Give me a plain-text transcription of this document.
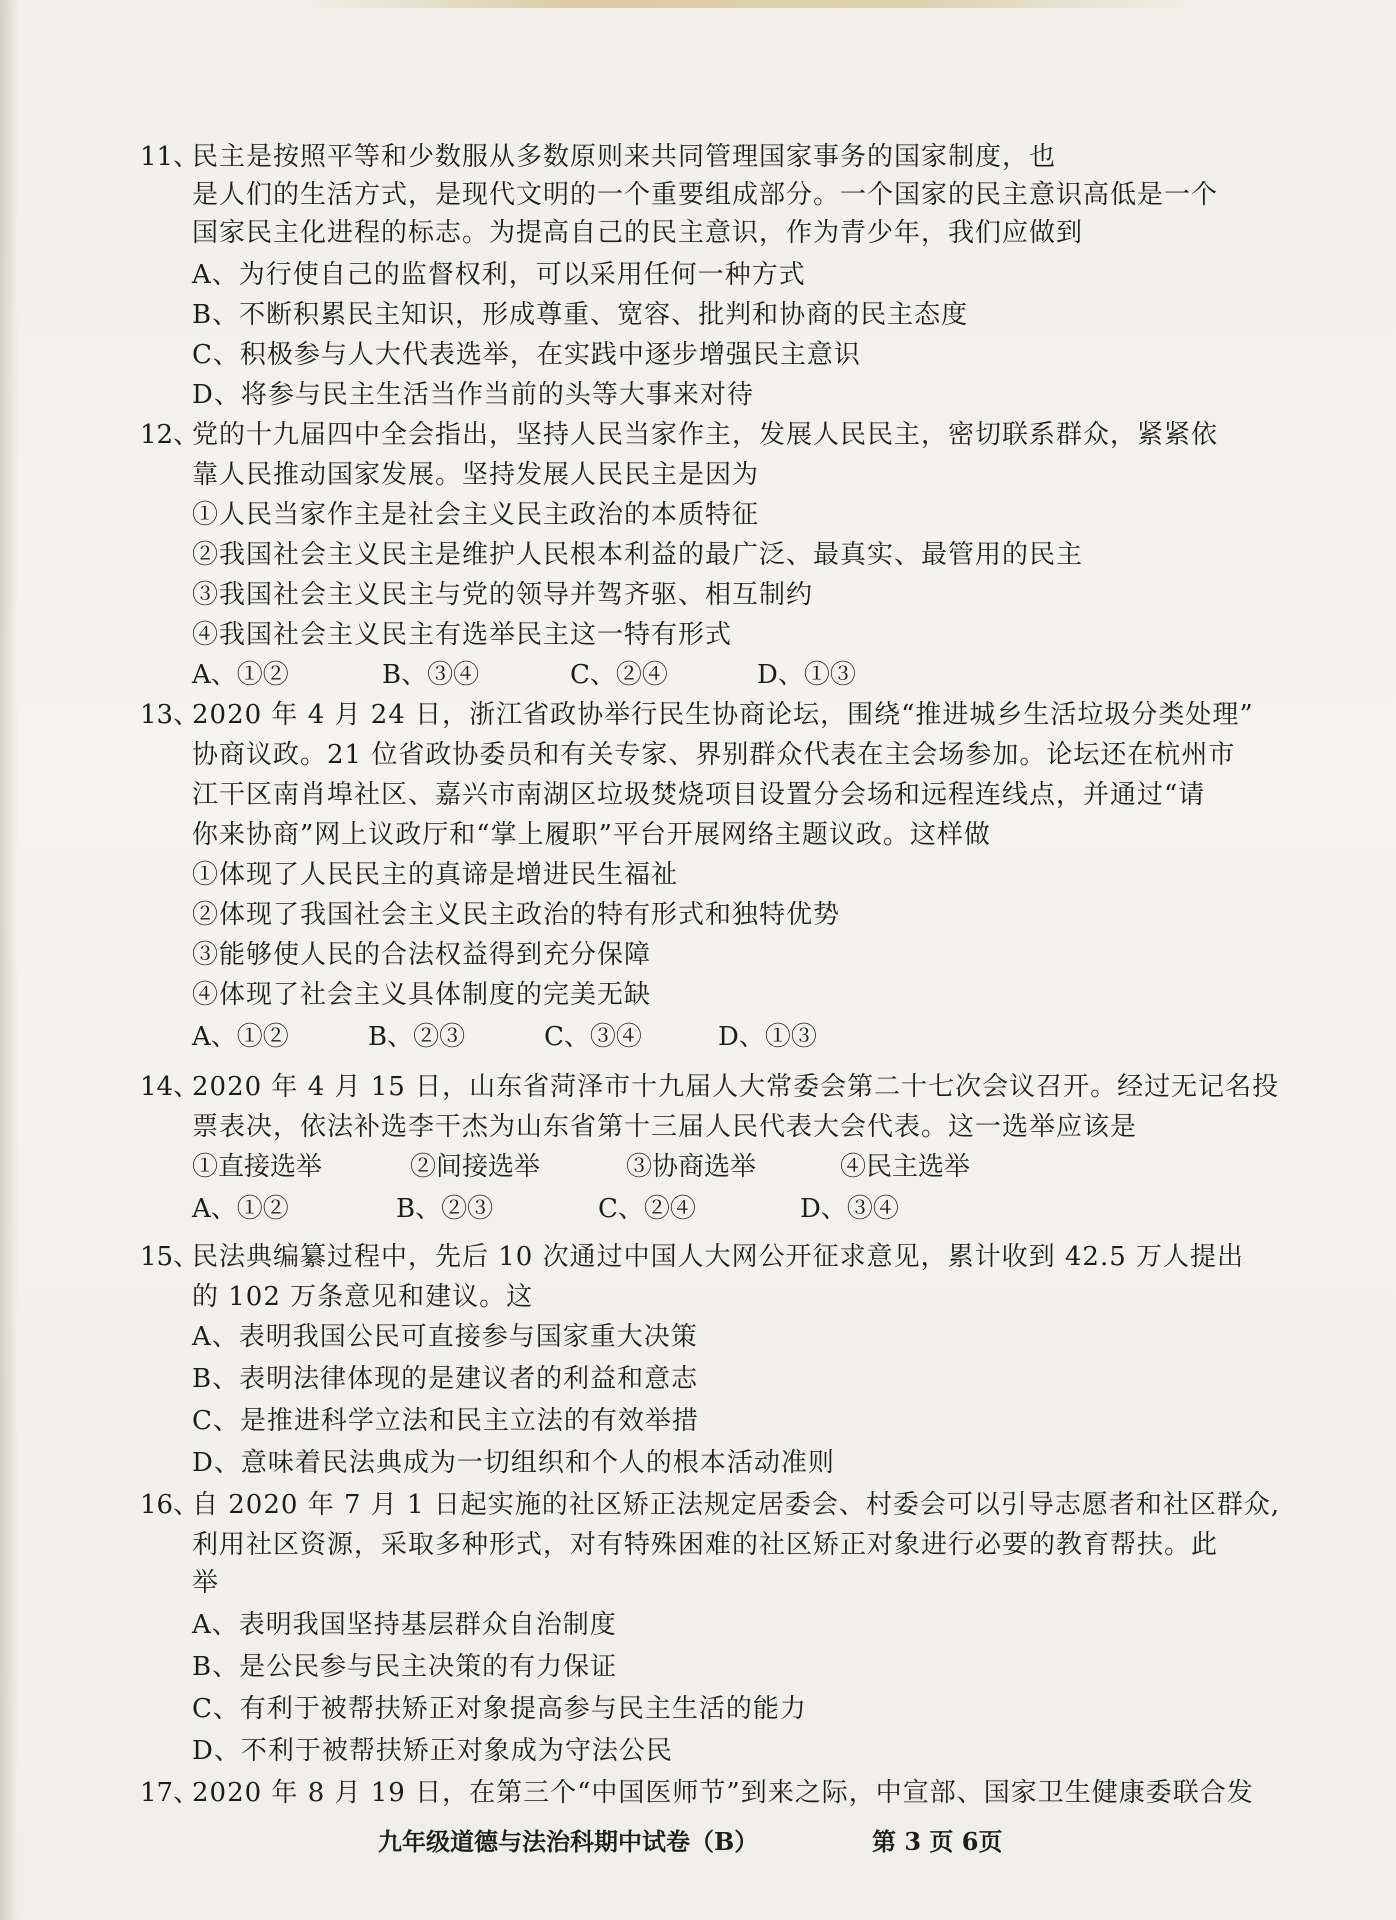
11、
民主是按照平等和少数服从多数原则来共同管理国家事务的国家制度，也
是人们的生活方式，是现代文明的一个重要组成部分。一个国家的民主意识高低是一个
国家民主化进程的标志。为提高自己的民主意识，作为青少年，我们应做到
A、为行使自己的监督权利，可以采用任何一种方式
B、不断积累民主知识，形成尊重、宽容、批判和协商的民主态度
C、积极参与人大代表选举，在实践中逐步增强民主意识
D、将参与民主生活当作当前的头等大事来对待
12、
党的十九届四中全会指出，坚持人民当家作主，发展人民民主，密切联系群众，紧紧依
靠人民推动国家发展。坚持发展人民民主是因为
①人民当家作主是社会主义民主政治的本质特征
②我国社会主义民主是维护人民根本利益的最广泛、最真实、最管用的民主
③我国社会主义民主与党的领导并驾齐驱、相互制约
④我国社会主义民主有选举民主这一特有形式
A、①②	B、③④	C、②④	D、①③
13、
2020 年 4 月 24 日，浙江省政协举行民生协商论坛，围绕“推进城乡生活垃圾分类处理”
协商议政。21 位省政协委员和有关专家、界别群众代表在主会场参加。论坛还在杭州市
江干区南肖埠社区、嘉兴市南湖区垃圾焚烧项目设置分会场和远程连线点，并通过“请
你来协商”网上议政厅和“掌上履职”平台开展网络主题议政。这样做
①体现了人民民主的真谛是增进民生福祉
②体现了我国社会主义民主政治的特有形式和独特优势
③能够使人民的合法权益得到充分保障
④体现了社会主义具体制度的完美无缺
A、①②	B、②③	C、③④	D、①③
14、
2020 年 4 月 15 日，山东省菏泽市十九届人大常委会第二十七次会议召开。经过无记名投
票表决，依法补选李干杰为山东省第十三届人民代表大会代表。这一选举应该是
①直接选举	②间接选举	③协商选举	④民主选举
A、①②	B、②③	C、②④	D、③④
15、
民法典编纂过程中，先后 10 次通过中国人大网公开征求意见，累计收到 42.5 万人提出
的 102 万条意见和建议。这
A、表明我国公民可直接参与国家重大决策
B、表明法律体现的是建议者的利益和意志
C、是推进科学立法和民主立法的有效举措
D、意味着民法典成为一切组织和个人的根本活动准则
16、
自 2020 年 7 月 1 日起实施的社区矫正法规定居委会、村委会可以引导志愿者和社区群众,
利用社区资源，采取多种形式，对有特殊困难的社区矫正对象进行必要的教育帮扶。此
举
A、表明我国坚持基层群众自治制度
B、是公民参与民主决策的有力保证
C、有利于被帮扶矫正对象提高参与民主生活的能力
D、不利于被帮扶矫正对象成为守法公民
17、
2020 年 8 月 19 日，在第三个“中国医师节”到来之际，中宣部、国家卫生健康委联合发
九年级道德与法治科期中试卷（B）	第 3 页 6页
